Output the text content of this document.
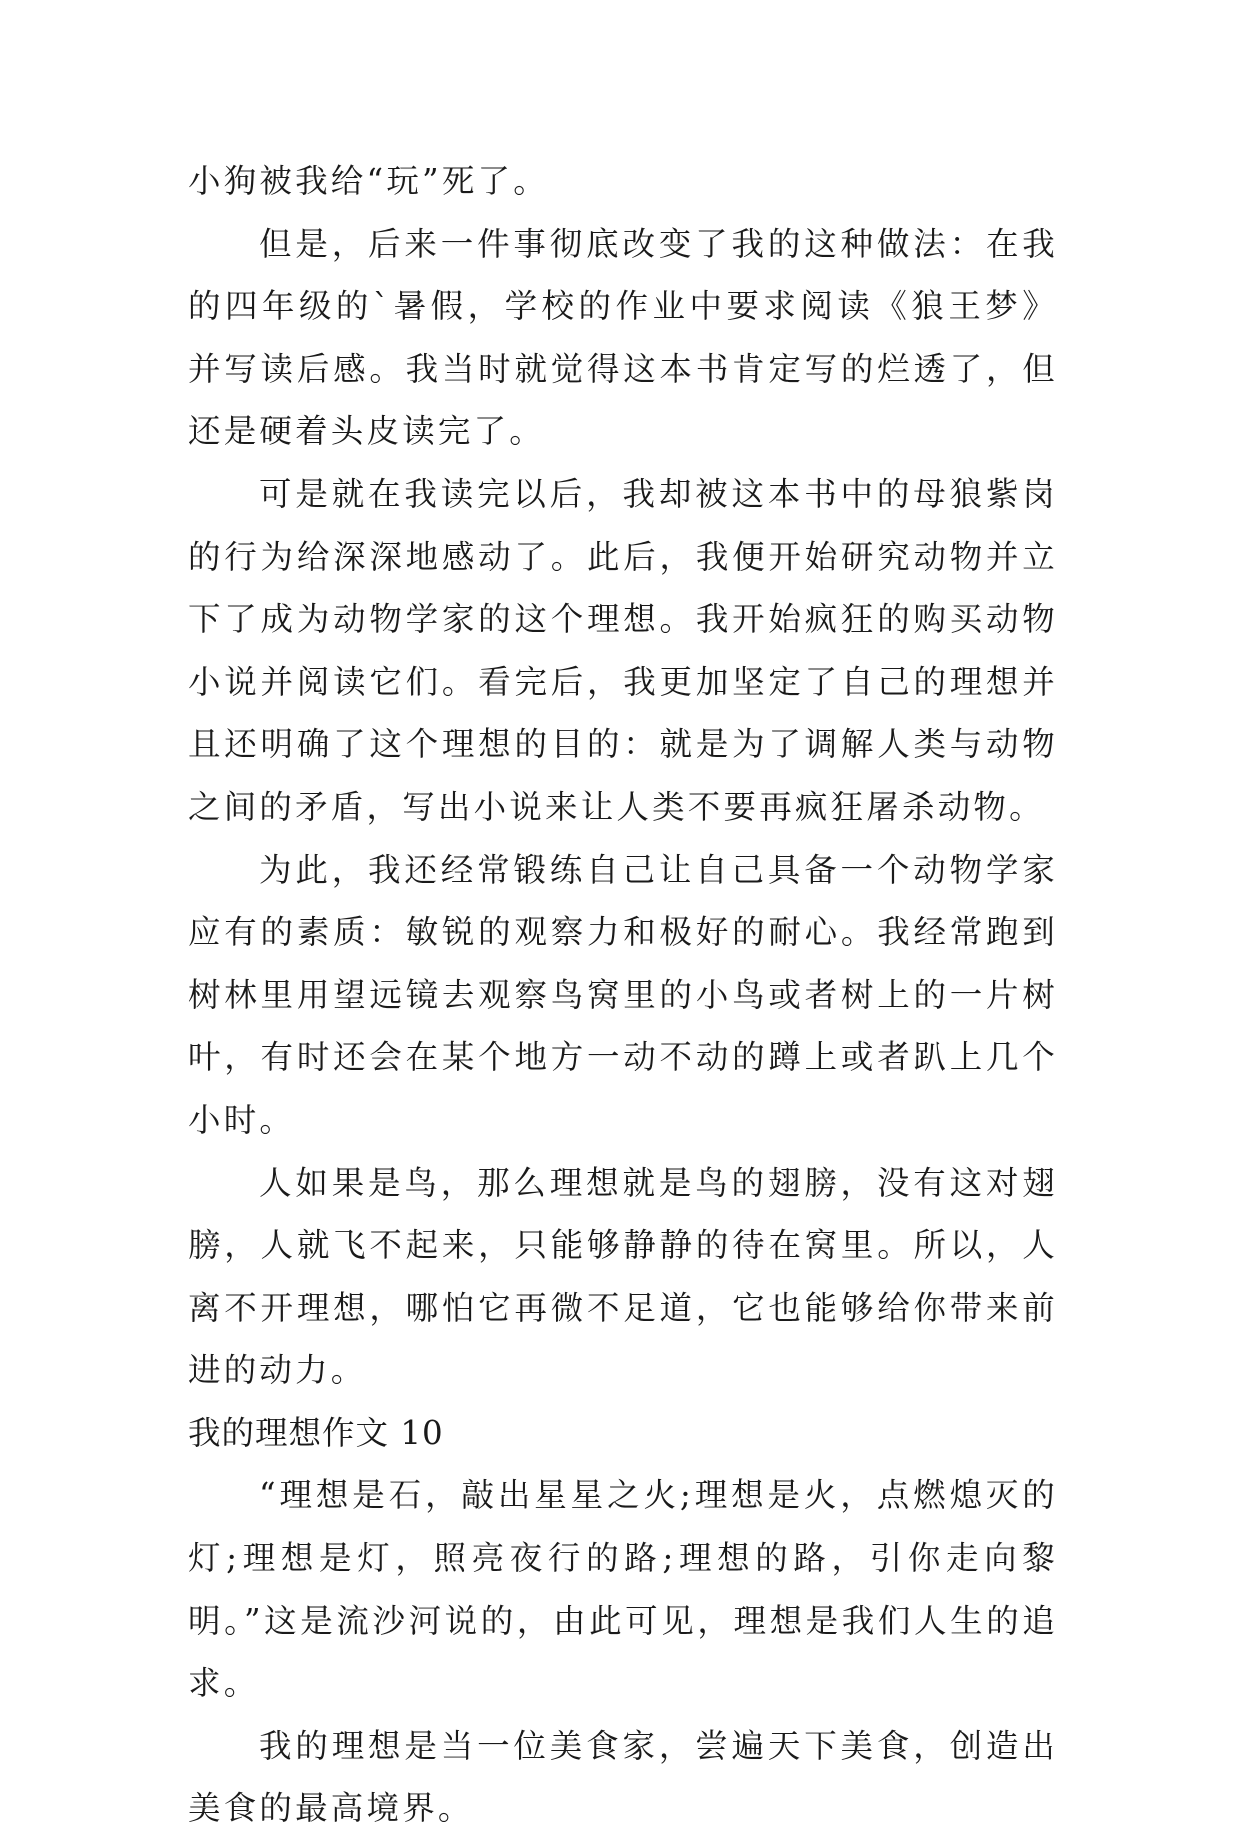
小狗被我给“玩”死了。

但是，后来一件事彻底改变了我的这种做法：在我的四年级的`暑假，学校的作业中要求阅读《狼王梦》并写读后感。我当时就觉得这本书肯定写的烂透了，但还是硬着头皮读完了。

可是就在我读完以后，我却被这本书中的母狼紫岗的行为给深深地感动了。此后，我便开始研究动物并立下了成为动物学家的这个理想。我开始疯狂的购买动物小说并阅读它们。看完后，我更加坚定了自己的理想并且还明确了这个理想的目的：就是为了调解人类与动物之间的矛盾，写出小说来让人类不要再疯狂屠杀动物。

为此，我还经常锻练自己让自己具备一个动物学家应有的素质：敏锐的观察力和极好的耐心。我经常跑到树林里用望远镜去观察鸟窝里的小鸟或者树上的一片树叶，有时还会在某个地方一动不动的蹲上或者趴上几个小时。

人如果是鸟，那么理想就是鸟的翅膀，没有这对翅膀，人就飞不起来，只能够静静的待在窝里。所以，人离不开理想，哪怕它再微不足道，它也能够给你带来前进的动力。

我的理想作文 10

“理想是石，敲出星星之火;理想是火，点燃熄灭的灯;理想是灯，照亮夜行的路;理想的路，引你走向黎明。”这是流沙河说的，由此可见，理想是我们人生的追求。

我的理想是当一位美食家，尝遍天下美食，创造出美食的最高境界。
